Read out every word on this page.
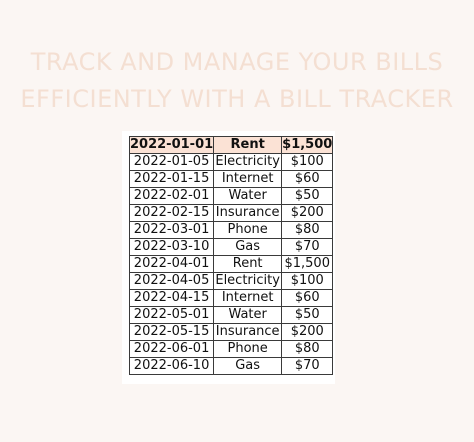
TRACK AND MANAGE YOUR BILLS
EFFICIENTLY WITH A BILL TRACKER
2022-01-01	Rent	$1,500
2022-01-05	Electricity	$100
2022-01-15	Internet	$60
2022-02-01	Water	$50
2022-02-15	Insurance	$200
2022-03-01	Phone	$80
2022-03-10	Gas	$70
2022-04-01	Rent	$1,500
2022-04-05	Electricity	$100
2022-04-15	Internet	$60
2022-05-01	Water	$50
2022-05-15	Insurance	$200
2022-06-01	Phone	$80
2022-06-10	Gas	$70
